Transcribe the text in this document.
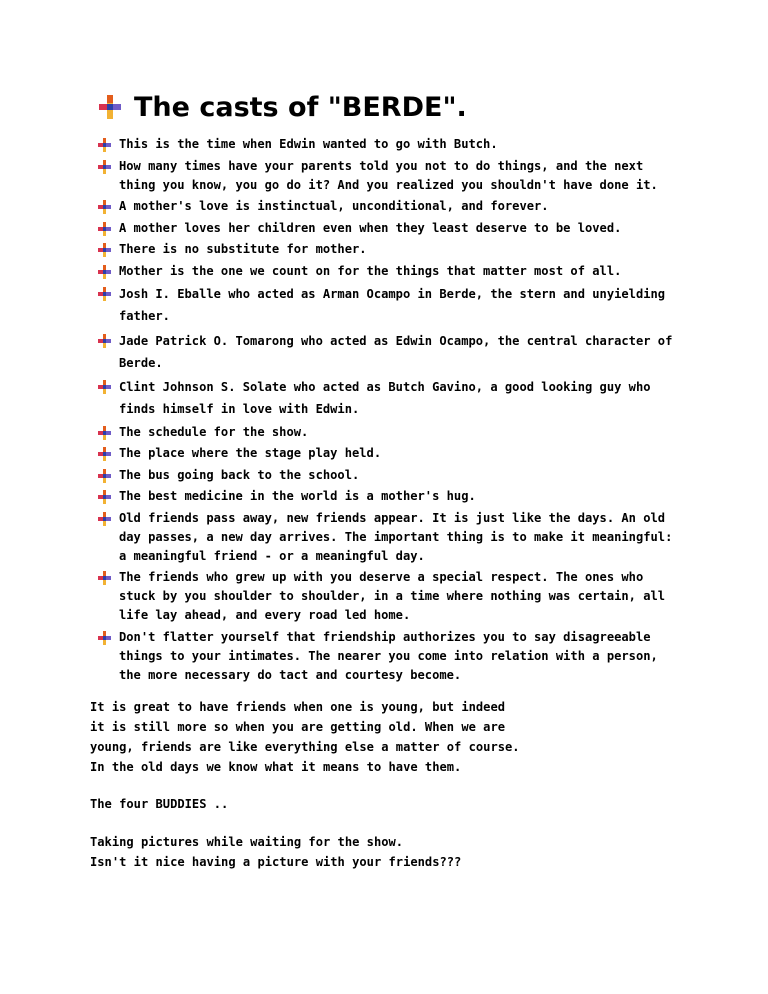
The casts of "BERDE".
This is the time when Edwin wanted to go with Butch.
How many times have your parents told you not to do things, and the next thing you know, you go do it? And you realized you shouldn't have done it.
A mother's love is instinctual, unconditional, and forever.
A mother loves her children even when they least deserve to be loved.
There is no substitute for mother.
Mother is the one we count on for the things that matter most of all.
Josh I. Eballe who acted as Arman Ocampo in Berde, the stern and unyielding father.
Jade Patrick O. Tomarong who acted as Edwin Ocampo, the central character of Berde.
Clint Johnson S. Solate who acted as Butch Gavino, a good looking guy who finds himself in love with Edwin.
The schedule for the show.
The place where the stage play held.
The bus going back to the school.
The best medicine in the world is a mother's hug.
Old friends pass away, new friends appear. It is just like the days. An old day passes, a new day arrives. The important thing is to make it meaningful: a meaningful friend - or a meaningful day.
The friends who grew up with you deserve a special respect. The ones who stuck by you shoulder to shoulder, in a time where nothing was certain, all life lay ahead, and every road led home.
Don't flatter yourself that friendship authorizes you to say disagreeable things to your intimates. The nearer you come into relation with a person, the more necessary do tact and courtesy become.
It is great to have friends when one is young, but indeed
it is still more so when you are getting old. When we are
young, friends are like everything else a matter of course.
In the old days we know what it means to have them.
The four BUDDIES ..
Taking pictures while waiting for the show.
Isn't it nice having a picture with your friends???
